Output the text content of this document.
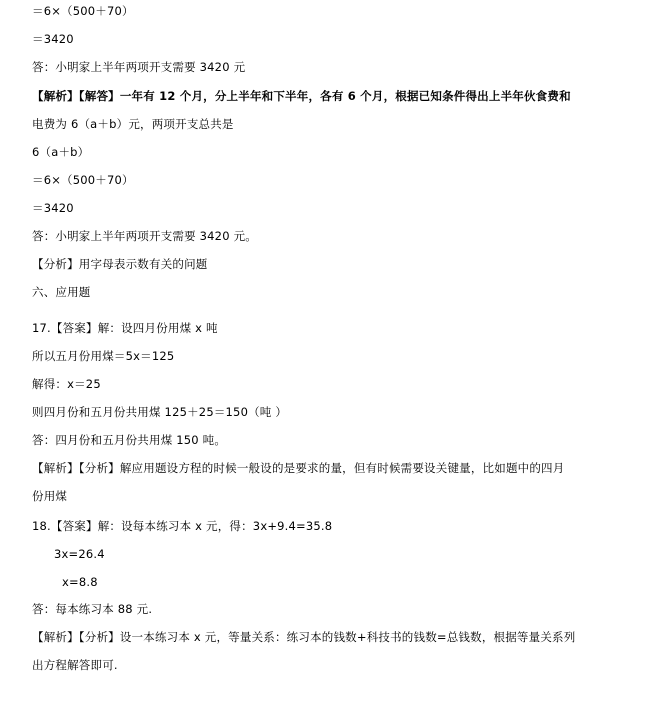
＝6×（500＋70）
＝3420
答：小明家上半年两项开支需要 3420 元
【解析】【解答】一年有 12 个月，分上半年和下半年，各有 6 个月，根据已知条件得出上半年伙食费和
电费为 6（a＋b）元，两项开支总共是
6（a＋b）
＝6×（500＋70）
＝3420
答：小明家上半年两项开支需要 3420 元。
【分析】用字母表示数有关的问题
六、应用题
17.【答案】解：设四月份用煤 x 吨
所以五月份用煤＝5x＝125
解得：x＝25
则四月份和五月份共用煤 125＋25＝150（吨 ）
答：四月份和五月份共用煤 150 吨。
【解析】【分析】解应用题设方程的时候一般设的是要求的量，但有时候需要设关键量，比如题中的四月
份用煤
18.【答案】解：设每本练习本 x 元，得：3x+9.4=35.8
3x=26.4
x=8.8
答：每本练习本 88 元.
【解析】【分析】设一本练习本 x 元，等量关系：练习本的钱数+科技书的钱数=总钱数，根据等量关系列
出方程解答即可.
